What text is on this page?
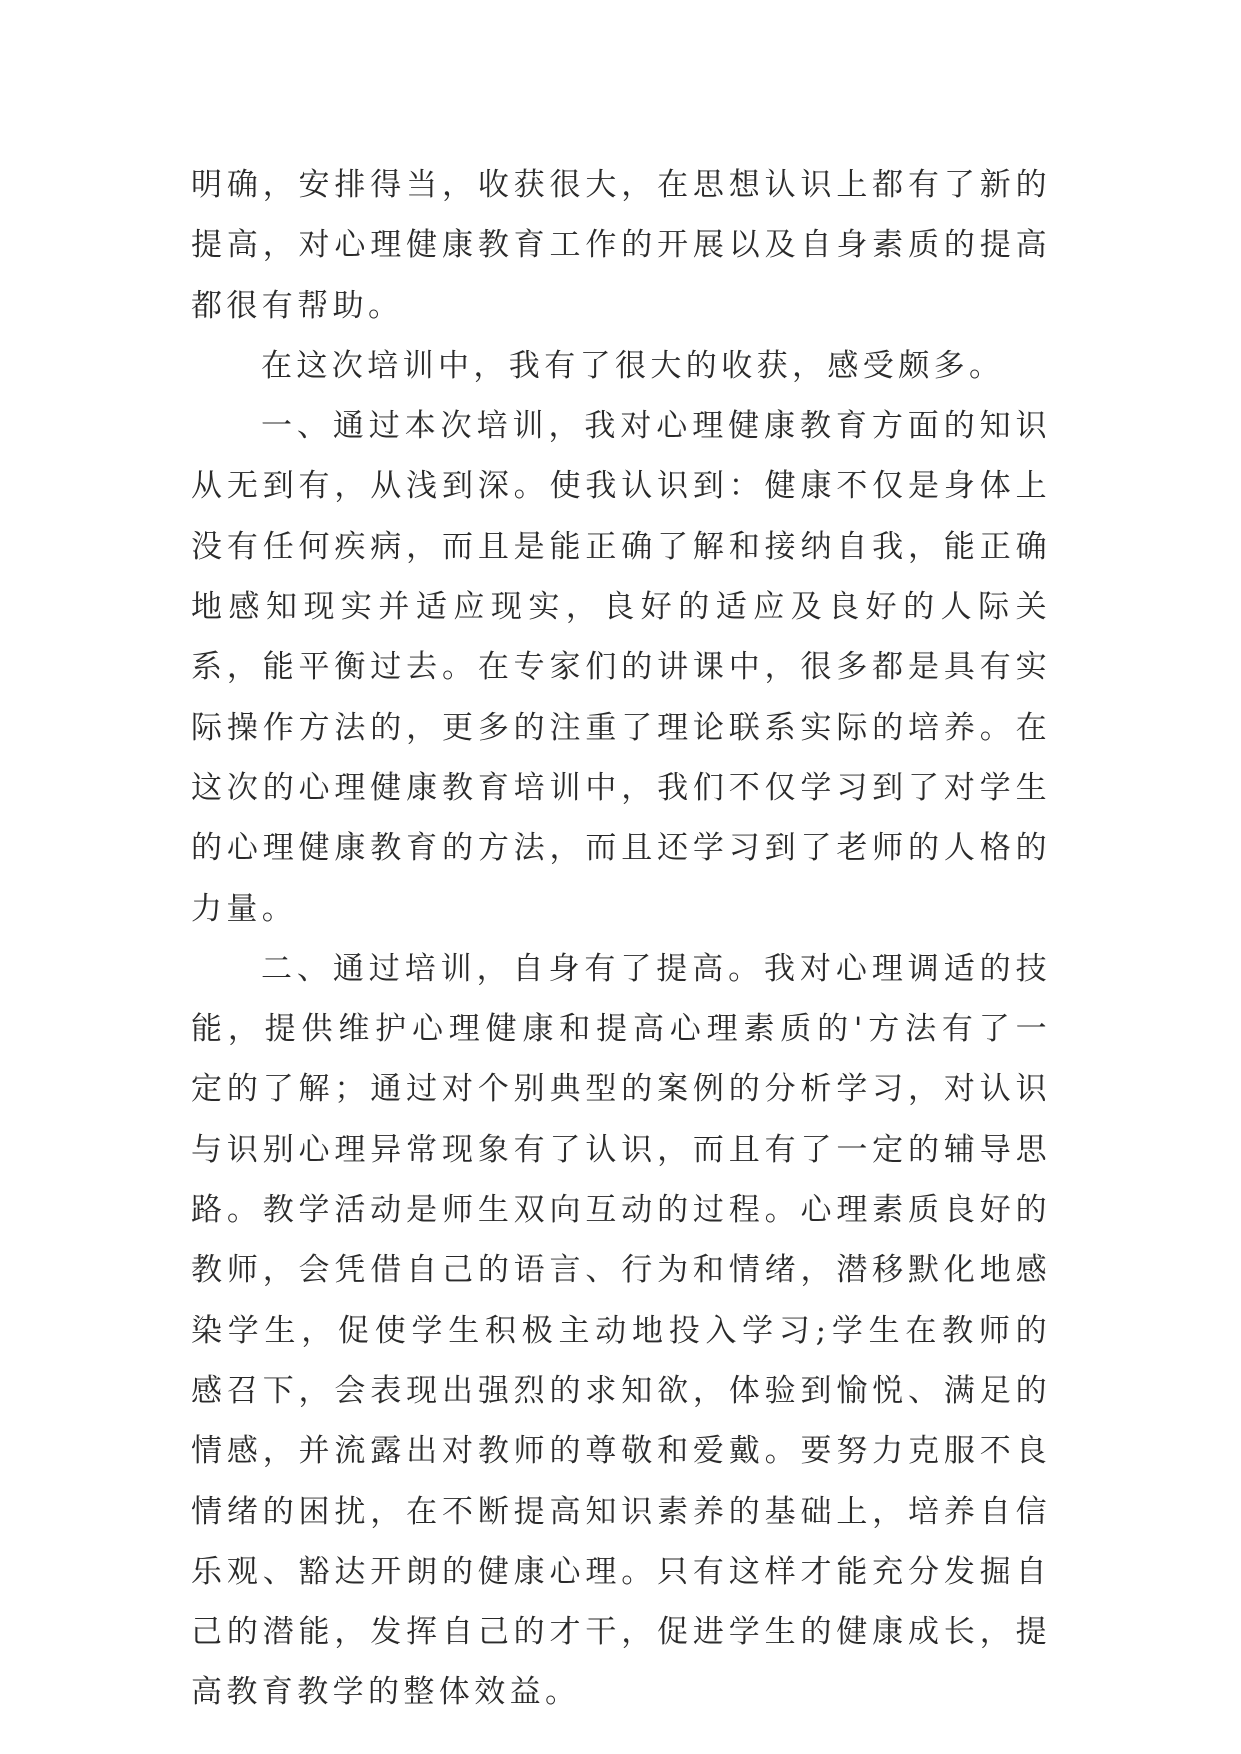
明确，安排得当，收获很大，在思想认识上都有了新的提高，对心理健康教育工作的开展以及自身素质的提高都很有帮助。

在这次培训中，我有了很大的收获，感受颇多。

一、通过本次培训，我对心理健康教育方面的知识从无到有，从浅到深。使我认识到：健康不仅是身体上没有任何疾病，而且是能正确了解和接纳自我，能正确地感知现实并适应现实，良好的适应及良好的人际关系，能平衡过去。在专家们的讲课中，很多都是具有实际操作方法的，更多的注重了理论联系实际的培养。在这次的心理健康教育培训中，我们不仅学习到了对学生的心理健康教育的方法，而且还学习到了老师的人格的力量。

二、通过培训，自身有了提高。我对心理调适的技能，提供维护心理健康和提高心理素质的'方法有了一定的了解；通过对个别典型的案例的分析学习，对认识与识别心理异常现象有了认识，而且有了一定的辅导思路。教学活动是师生双向互动的过程。心理素质良好的教师，会凭借自己的语言、行为和情绪，潜移默化地感染学生，促使学生积极主动地投入学习;学生在教师的感召下，会表现出强烈的求知欲，体验到愉悦、满足的情感，并流露出对教师的尊敬和爱戴。要努力克服不良情绪的困扰，在不断提高知识素养的基础上，培养自信乐观、豁达开朗的健康心理。只有这样才能充分发掘自己的潜能，发挥自己的才干，促进学生的健康成长，提高教育教学的整体效益。
